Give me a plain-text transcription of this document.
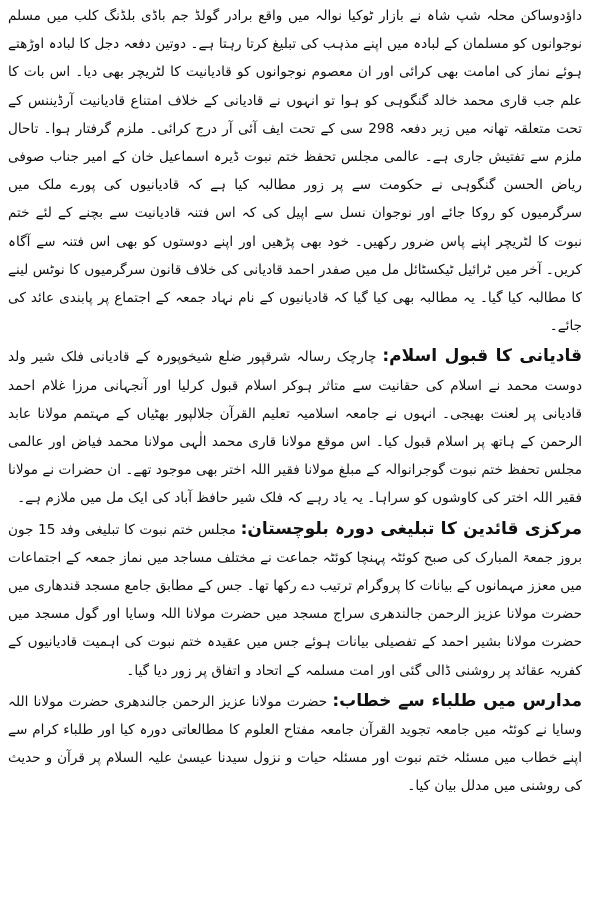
داؤدوساکن محلہ شپ شاہ نے بازار ٹوکیا نوالہ میں واقع برادر گولڈ جم باڈی بلڈنگ کلب میں مسلم نوجوانوں کو مسلمان کے لبادہ میں اپنے مذہب کی تبلیغ کرتا رہتا ہے۔ دوتین دفعہ دجل کا لبادہ اوڑھتے ہوئے نماز کی امامت بھی کرائی اور ان معصوم نوجوانوں کو قادیانیت کا لٹریچر بھی دیا۔ اس بات کا علم جب قاری محمد خالد گنگوہی کو ہوا تو انہوں نے قادیانی کے خلاف امتناع قادیانیت آرڈیننس کے تحت متعلقہ تھانہ میں زیر دفعہ 298 سی کے تحت ایف آئی آر درج کرائی۔ ملزم گرفتار ہوا۔ تاحال ملزم سے تفتیش جاری ہے۔ عالمی مجلس تحفظ ختم نبوت ڈیرہ اسماعیل خان کے امیر جناب صوفی ریاض الحسن گنگوہی نے حکومت سے پر زور مطالبہ کیا ہے کہ قادیانیوں کی پورے ملک میں سرگرمیوں کو روکا جائے اور نوجوان نسل سے اپیل کی کہ اس فتنہ قادیانیت سے بچنے کے لئے ختم نبوت کا لٹریچر اپنے پاس ضرور رکھیں۔ خود بھی پڑھیں اور اپنے دوستوں کو بھی اس فتنہ سے آگاہ کریں۔ آخر میں ٹرائیل ٹیکسٹائل مل میں صفدر احمد قادیانی کی خلاف قانون سرگرمیوں کا نوٹس لینے کا مطالبہ کیا گیا۔ یہ مطالبہ بھی کیا گیا کہ قادیانیوں کے نام نہاد جمعہ کے اجتماع پر پابندی عائد کی جائے۔

قادیانی کا قبول اسلام: چارچک رسالہ شرقپور ضلع شیخوپورہ کے قادیانی فلک شیر ولد دوست محمد نے اسلام کی حقانیت سے متاثر ہوکر اسلام قبول کرلیا اور آنجہانی مرزا غلام احمد قادیانی پر لعنت بھیجی۔ انہوں نے جامعہ اسلامیہ تعلیم القرآن جلالپور بھٹیاں کے مہتمم مولانا عابد الرحمن کے ہاتھ پر اسلام قبول کیا۔ اس موقع مولانا قاری محمد الٰہی مولانا محمد فیاض اور عالمی مجلس تحفظ ختم نبوت گوجرانوالہ کے مبلغ مولانا فقیر اللہ اختر بھی موجود تھے۔ ان حضرات نے مولانا فقیر اللہ اختر کی کاوشوں کو سراہا۔ یہ یاد رہے کہ فلک شیر حافظ آباد کی ایک مل میں ملازم ہے۔

مرکزی قائدین کا تبلیغی دورہ بلوچستان: مجلس ختم نبوت کا تبلیغی وفد 15 جون بروز جمعۃ المبارک کی صبح کوئٹہ پہنچا کوئٹہ جماعت نے مختلف مساجد میں نماز جمعہ کے اجتماعات میں معزز مہمانوں کے بیانات کا پروگرام ترتیب دے رکھا تھا۔ جس کے مطابق جامع مسجد قندھاری میں حضرت مولانا عزیز الرحمن جالندھری سراج مسجد میں حضرت مولانا اللہ وسایا اور گول مسجد میں حضرت مولانا بشیر احمد کے تفصیلی بیانات ہوئے جس میں عقیدہ ختم نبوت کی اہمیت قادیانیوں کے کفریہ عقائد پر روشنی ڈالی گئی اور امت مسلمہ کے اتحاد و اتفاق پر زور دیا گیا۔

مدارس میں طلباء سے خطاب: حضرت مولانا عزیز الرحمن جالندھری حضرت مولانا اللہ وسایا نے کوئٹہ میں جامعہ تجوید القرآن جامعہ مفتاح العلوم کا مطالعاتی دورہ کیا اور طلباء کرام سے اپنے خطاب میں مسئلہ ختم نبوت اور مسئلہ حیات و نزول سیدنا عیسیٰ علیہ السلام پر قرآن و حدیث کی روشنی میں مدلل بیان کیا۔
